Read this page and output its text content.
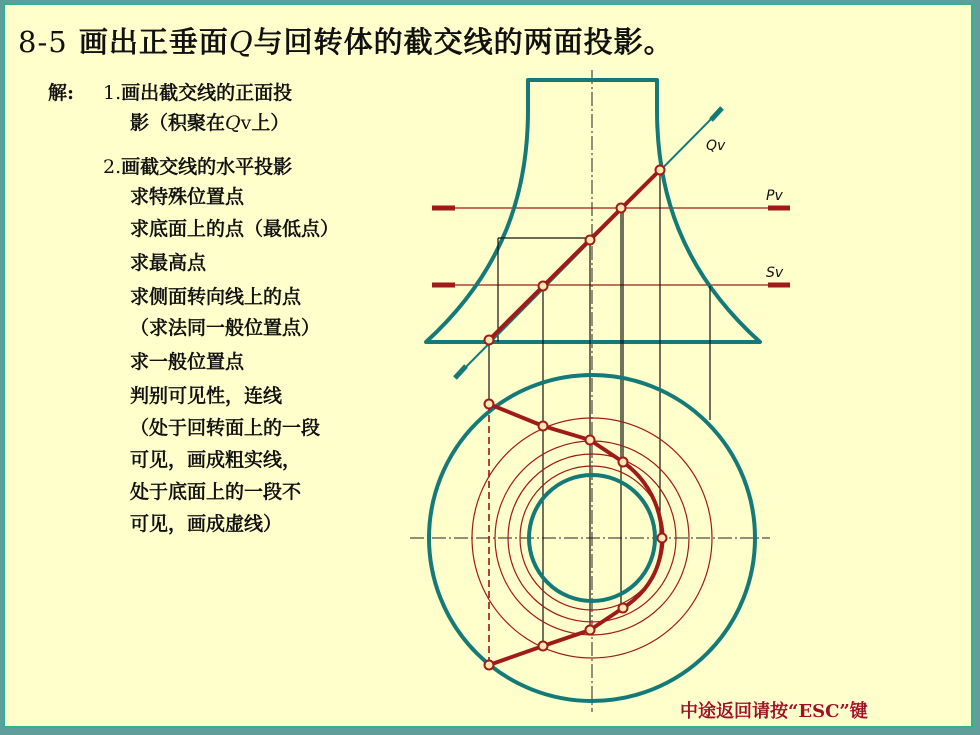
8-5 画出正垂面Q与回转体的截交线的两面投影。
解: 1.画出截交线的正面投
影（积聚在Qv上）
2.画截交线的水平投影
求特殊位置点
求底面上的点（最低点）
求最高点
求侧面转向线上的点
（求法同一般位置点）
求一般位置点
判别可见性，连线
（处于回转面上的一段
可见，画成粗实线，
处于底面上的一段不
可见，画成虚线）
Qv
Pv
Sv
中途返回请按“ESC”键
